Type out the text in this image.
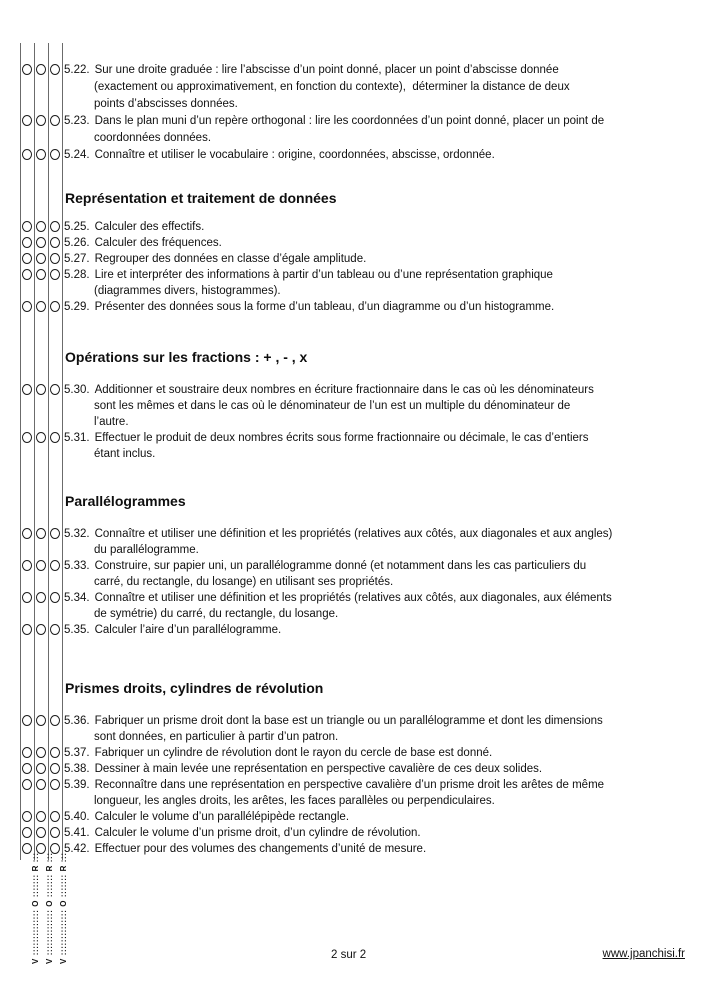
5.22. Sur une droite graduée : lire l’abscisse d’un point donné, placer un point d’abscisse donnée
(exactement ou approximativement, en fonction du contexte),  déterminer la distance de deux
points d’abscisses données.
5.23. Dans le plan muni d’un repère orthogonal : lire les coordonnées d’un point donné, placer un point de
coordonnées données.
5.24. Connaître et utiliser le vocabulaire : origine, coordonnées, abscisse, ordonnée.
Représentation et traitement de données
5.25. Calculer des effectifs.
5.26. Calculer des fréquences.
5.27. Regrouper des données en classe d’égale amplitude.
5.28. Lire et interpréter des informations à partir d’un tableau ou d’une représentation graphique
(diagrammes divers, histogrammes).
5.29. Présenter des données sous la forme d’un tableau, d’un diagramme ou d’un histogramme.
Opérations sur les fractions : + , - , x
5.30. Additionner et soustraire deux nombres en écriture fractionnaire dans le cas où les dénominateurs
sont les mêmes et dans le cas où le dénominateur de l’un est un multiple du dénominateur de
l’autre.
5.31. Effectuer le produit de deux nombres écrits sous forme fractionnaire ou décimale, le cas d’entiers
étant inclus.
Parallélogrammes
5.32. Connaître et utiliser une définition et les propriétés (relatives aux côtés, aux diagonales et aux angles)
du parallélogramme.
5.33. Construire, sur papier uni, un parallélogramme donné (et notamment dans les cas particuliers du
carré, du rectangle, du losange) en utilisant ses propriétés.
5.34. Connaître et utiliser une définition et les propriétés (relatives aux côtés, aux diagonales, aux éléments
de symétrie) du carré, du rectangle, du losange.
5.35. Calculer l’aire d’un parallélogramme.
Prismes droits, cylindres de révolution
5.36. Fabriquer un prisme droit dont la base est un triangle ou un parallélogramme et dont les dimensions
sont données, en particulier à partir d’un patron.
5.37. Fabriquer un cylindre de révolution dont le rayon du cercle de base est donné.
5.38. Dessiner à main levée une représentation en perspective cavalière de ces deux solides.
5.39. Reconnaître dans une représentation en perspective cavalière d’un prisme droit les arêtes de même
longueur, les angles droits, les arêtes, les faces parallèles ou perpendiculaires.
5.40. Calculer le volume d’un parallélépipède rectangle.
5.41. Calculer le volume d’un prisme droit, d’un cylindre de révolution.
5.42. Effectuer pour des volumes des changements d’unité de mesure.
V :::::::::::::: O ::::::: R ::: V :::::::::::::: O ::::::: R ::: V :::::::::::::: O ::::::: R :::	2 sur 2	www.jpanchisi.fr
